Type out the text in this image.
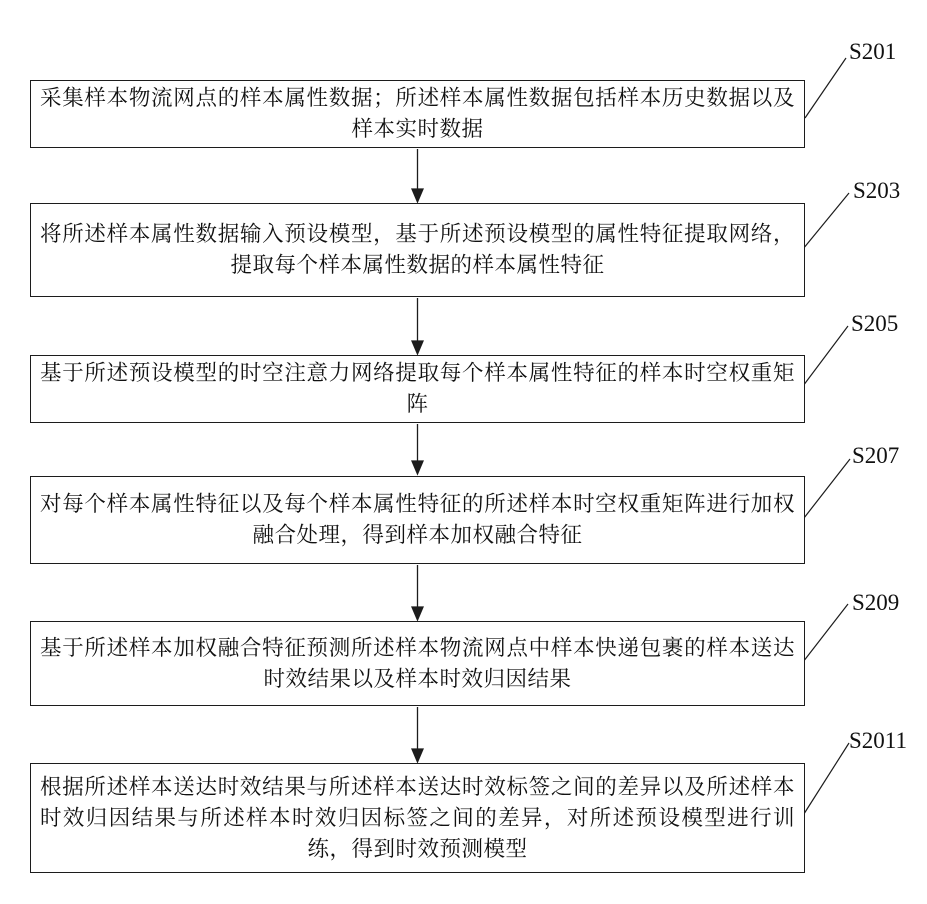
采集样本物流网点的样本属性数据；所述样本属性数据包括样本历史数据以及样本实时数据
S201
将所述样本属性数据输入预设模型，基于所述预设模型的属性特征提取网络，提取每个样本属性数据的样本属性特征
S203
基于所述预设模型的时空注意力网络提取每个样本属性特征的样本时空权重矩阵
S205
对每个样本属性特征以及每个样本属性特征的所述样本时空权重矩阵进行加权融合处理，得到样本加权融合特征
S207
基于所述样本加权融合特征预测所述样本物流网点中样本快递包裹的样本送达时效结果以及样本时效归因结果
S209
根据所述样本送达时效结果与所述样本送达时效标签之间的差异以及所述样本时效归因结果与所述样本时效归因标签之间的差异，对所述预设模型进行训练，得到时效预测模型
S2011
